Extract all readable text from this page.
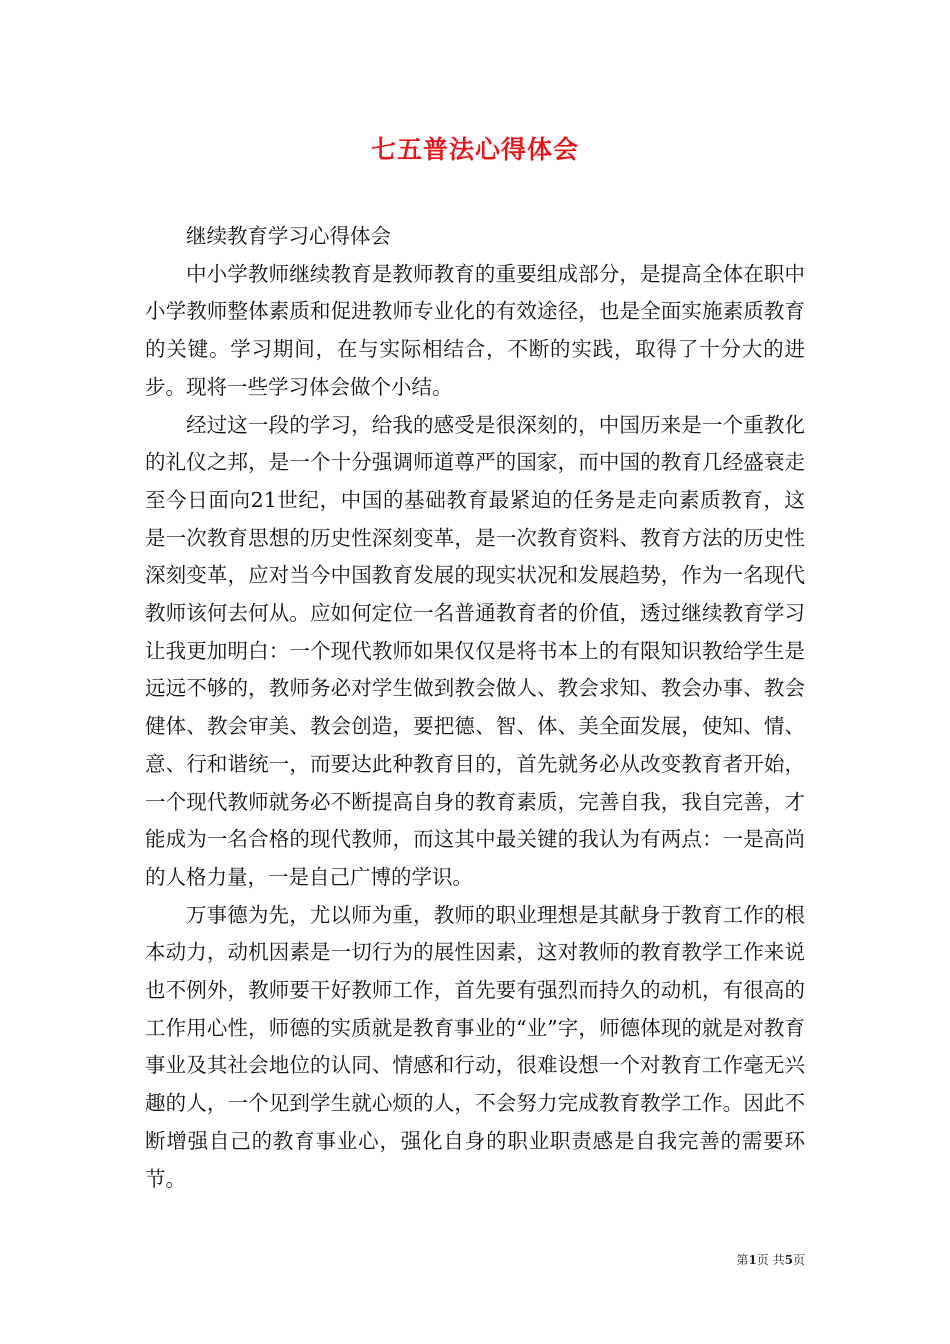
七五普法心得体会

继续教育学习心得体会

中小学教师继续教育是教师教育的重要组成部分，是提高全体在职中小学教师整体素质和促进教师专业化的有效途径，也是全面实施素质教育的关键。学习期间，在与实际相结合，不断的实践，取得了十分大的进步。现将一些学习体会做个小结。

经过这一段的学习，给我的感受是很深刻的，中国历来是一个重教化的礼仪之邦，是一个十分强调师道尊严的国家，而中国的教育几经盛衰走至今日面向21世纪，中国的基础教育最紧迫的任务是走向素质教育，这是一次教育思想的历史性深刻变革，是一次教育资料、教育方法的历史性深刻变革，应对当今中国教育发展的现实状况和发展趋势，作为一名现代教师该何去何从。应如何定位一名普通教育者的价值，透过继续教育学习让我更加明白：一个现代教师如果仅仅是将书本上的有限知识教给学生是远远不够的，教师务必对学生做到教会做人、教会求知、教会办事、教会健体、教会审美、教会创造，要把德、智、体、美全面发展，使知、情、意、行和谐统一，而要达此种教育目的，首先就务必从改变教育者开始，一个现代教师就务必不断提高自身的教育素质，完善自我，我自完善，才能成为一名合格的现代教师，而这其中最关键的我认为有两点：一是高尚的人格力量，一是自己广博的学识。

万事德为先，尤以师为重，教师的职业理想是其献身于教育工作的根本动力，动机因素是一切行为的展性因素，这对教师的教育教学工作来说也不例外，教师要干好教师工作，首先要有强烈而持久的动机，有很高的工作用心性，师德的实质就是教育事业的“业”字，师德体现的就是对教育事业及其社会地位的认同、情感和行动，很难设想一个对教育工作毫无兴趣的人，一个见到学生就心烦的人，不会努力完成教育教学工作。因此不断增强自己的教育事业心，强化自身的职业职责感是自我完善的需要环节。

第1页 共5页
